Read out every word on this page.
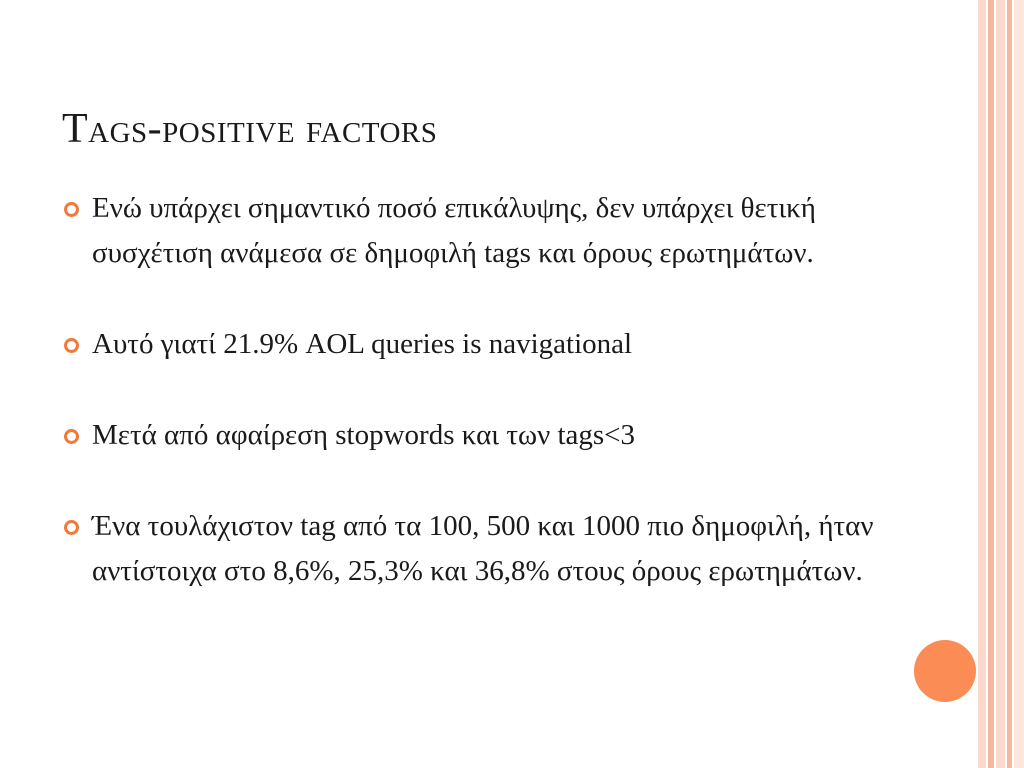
Tags-positive factors
Ενώ υπάρχει σημαντικό ποσό επικάλυψης, δεν υπάρχει θετική συσχέτιση ανάμεσα σε δημοφιλή tags και όρους ερωτημάτων.
Αυτό γιατί 21.9% AOL queries is navigational
Μετά από αφαίρεση stopwords και των tags<3
Ένα τουλάχιστον tag από τα 100, 500 και 1000 πιο δημοφιλή, ήταν αντίστοιχα στο 8,6%, 25,3% και 36,8% στους όρους ερωτημάτων.
